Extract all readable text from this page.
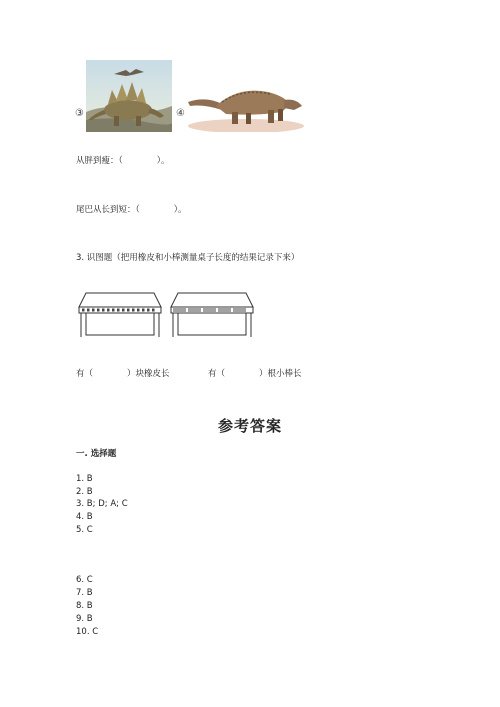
③	④
从胖到瘦：（　　　　）。
尾巴从长到短：（　　　　）。
3. 识图题（把用橡皮和小棒测量桌子长度的结果记录下来）
有（　　　　）块橡皮长	有（　　　　）根小棒长
参考答案
一. 选择题
1. B
2. B
3. B; D; A; C
4. B
5. C
6. C
7. B
8. B
9. B
10. C
